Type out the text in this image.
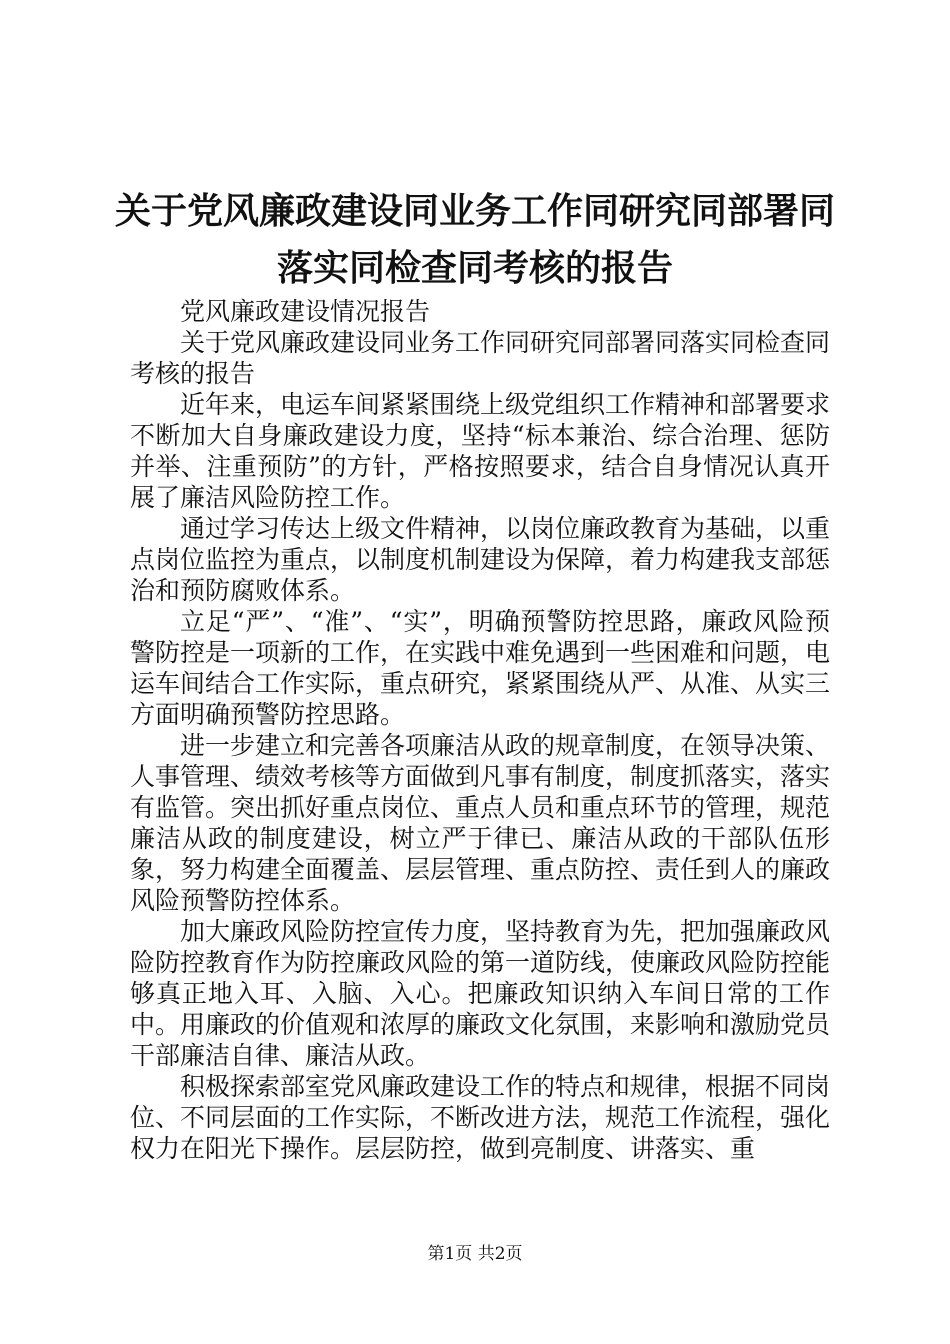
关于党风廉政建设同业务工作同研究同部署同
落实同检查同考核的报告

党风廉政建设情况报告

关于党风廉政建设同业务工作同研究同部署同落实同检查同考核的报告

近年来，电运车间紧紧围绕上级党组织工作精神和部署要求不断加大自身廉政建设力度，坚持“标本兼治、综合治理、惩防并举、注重预防”的方针，严格按照要求，结合自身情况认真开展了廉洁风险防控工作。

通过学习传达上级文件精神，以岗位廉政教育为基础，以重点岗位监控为重点，以制度机制建设为保障，着力构建我支部惩治和预防腐败体系。

立足“严”、“准”、“实”，明确预警防控思路，廉政风险预警防控是一项新的工作，在实践中难免遇到一些困难和问题，电运车间结合工作实际，重点研究，紧紧围绕从严、从准、从实三方面明确预警防控思路。

进一步建立和完善各项廉洁从政的规章制度，在领导决策、人事管理、绩效考核等方面做到凡事有制度，制度抓落实，落实有监管。突出抓好重点岗位、重点人员和重点环节的管理，规范廉洁从政的制度建设，树立严于律已、廉洁从政的干部队伍形象，努力构建全面覆盖、层层管理、重点防控、责任到人的廉政风险预警防控体系。

加大廉政风险防控宣传力度，坚持教育为先，把加强廉政风险防控教育作为防控廉政风险的第一道防线，使廉政风险防控能够真正地入耳、入脑、入心。把廉政知识纳入车间日常的工作中。用廉政的价值观和浓厚的廉政文化氛围，来影响和激励党员干部廉洁自律、廉洁从政。

积极探索部室党风廉政建设工作的特点和规律，根据不同岗位、不同层面的工作实际，不断改进方法，规范工作流程，强化权力在阳光下操作。层层防控，做到亮制度、讲落实、重

第1页 共2页
